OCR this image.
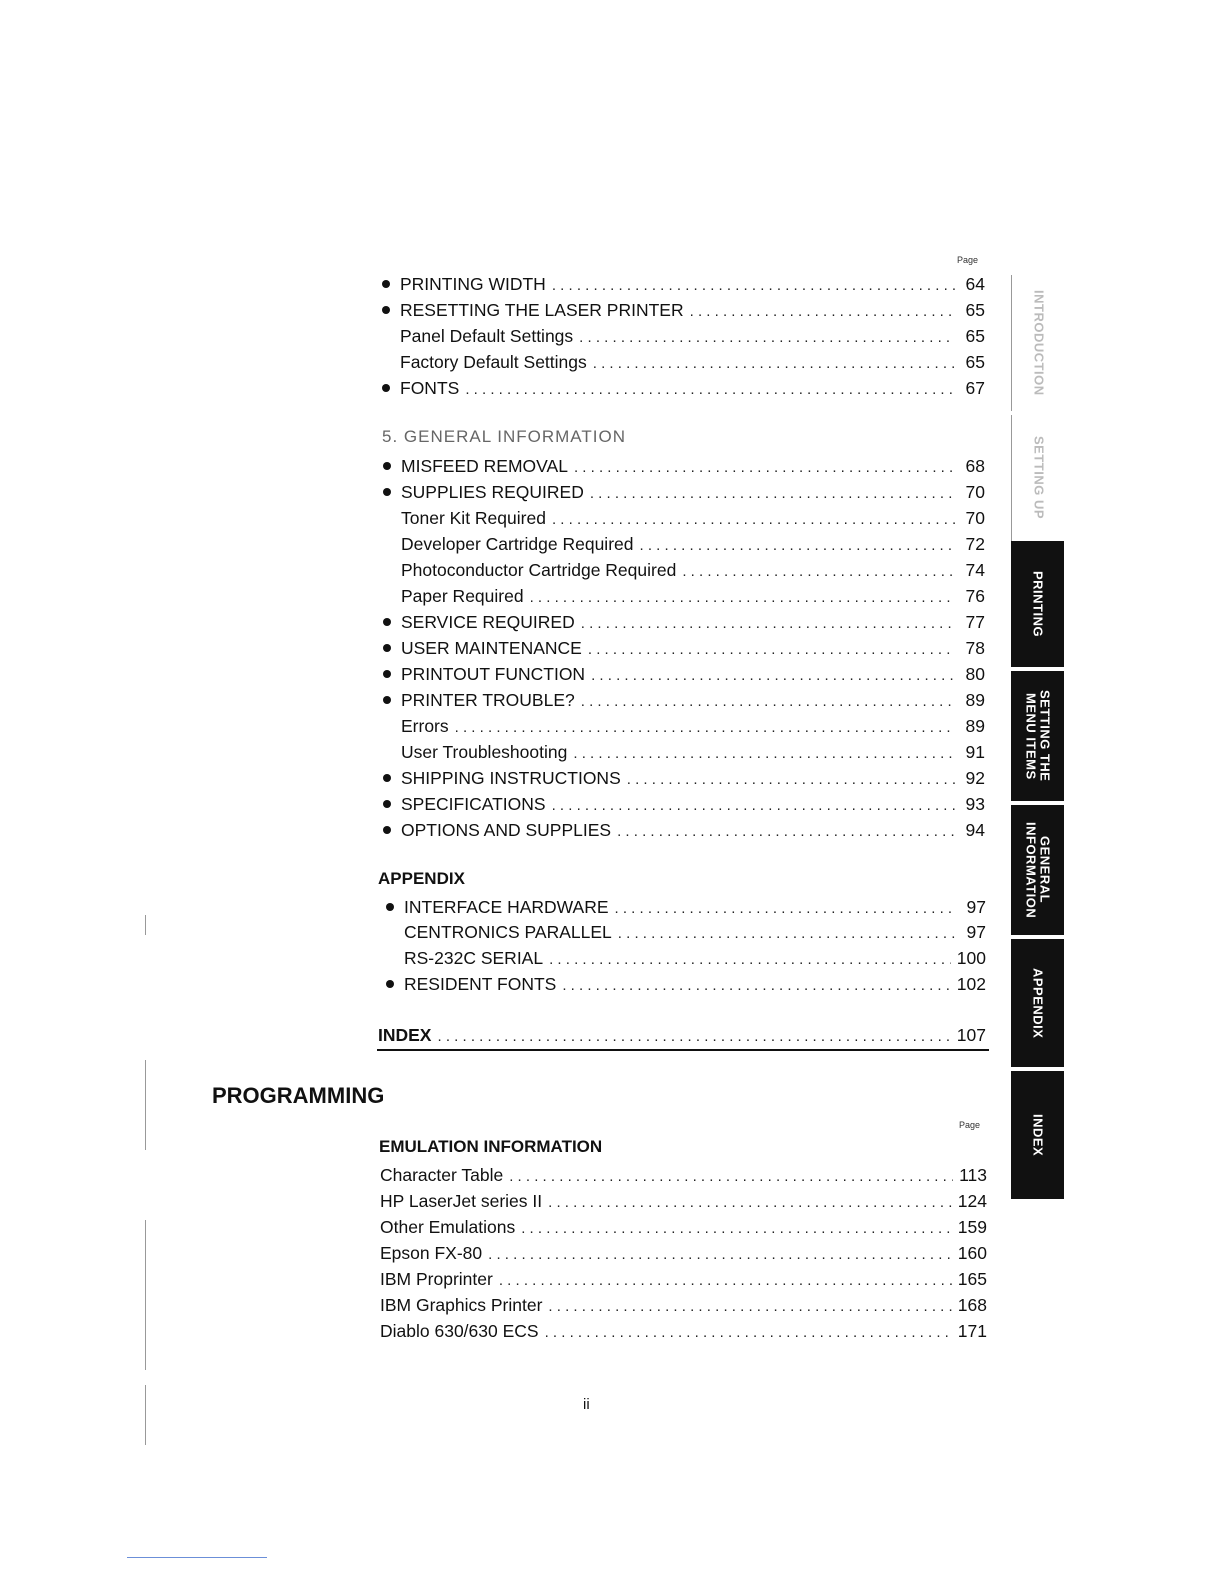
Page
PRINTING WIDTH . . .	64
RESETTING THE LASER PRINTER . . .	65
Panel Default Settings . . .	65
Factory Default Settings . . .	65
FONTS . . .	67
5. GENERAL INFORMATION
MISFEED REMOVAL . . .	68
SUPPLIES REQUIRED . . .	70
Toner Kit Required . . .	70
Developer Cartridge Required . . .	72
Photoconductor Cartridge Required . . .	74
Paper Required . . .	76
SERVICE REQUIRED . . .	77
USER MAINTENANCE . . .	78
PRINTOUT FUNCTION . . .	80
PRINTER TROUBLE? . . .	89
Errors . . .	89
User Troubleshooting . . .	91
SHIPPING INSTRUCTIONS . . .	92
SPECIFICATIONS . . .	93
OPTIONS AND SUPPLIES . . .	94
APPENDIX
INTERFACE HARDWARE . . .	97
CENTRONICS PARALLEL . . .	97
RS-232C SERIAL . . .	100
RESIDENT FONTS . . .	102
INDEX . . .	107
PROGRAMMING
Page
EMULATION INFORMATION
Character Table . . .	113
HP LaserJet series II . . .	124
Other Emulations . . .	159
Epson FX-80 . . .	160
IBM Proprinter . . .	165
IBM Graphics Printer . . .	168
Diablo 630/630 ECS . . .	171
ii
INTRODUCTION
SETTING UP
PRINTING
SETTING THE
MENU ITEMS
GENERAL
INFORMATION
APPENDIX
INDEX
